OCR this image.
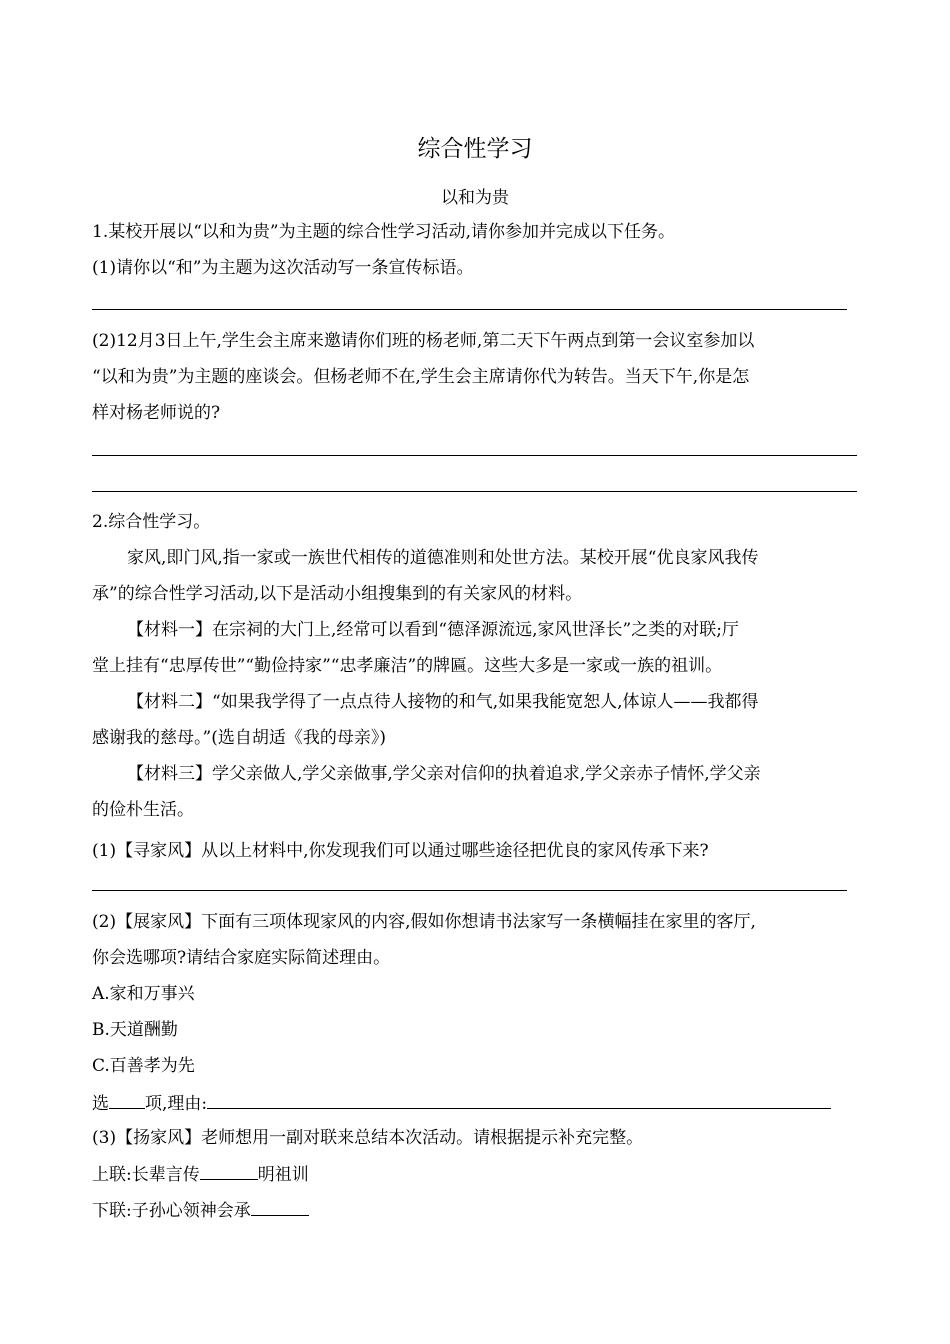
综合性学习
以和为贵
1.某校开展以“以和为贵”为主题的综合性学习活动,请你参加并完成以下任务。
(1)请你以“和”为主题为这次活动写一条宣传标语。
(2)12月3日上午,学生会主席来邀请你们班的杨老师,第二天下午两点到第一会议室参加以
“以和为贵”为主题的座谈会。但杨老师不在,学生会主席请你代为转告。当天下午,你是怎
样对杨老师说的?
2.综合性学习。
家风,即门风,指一家或一族世代相传的道德准则和处世方法。某校开展“优良家风我传
承”的综合性学习活动,以下是活动小组搜集到的有关家风的材料。
【材料一】在宗祠的大门上,经常可以看到“德泽源流远,家风世泽长”之类的对联;厅
堂上挂有“忠厚传世”“勤俭持家”“忠孝廉洁”的牌匾。这些大多是一家或一族的祖训。
【材料二】“如果我学得了一点点待人接物的和气,如果我能宽恕人,体谅人——我都得
感谢我的慈母。”(选自胡适《我的母亲》)
【材料三】学父亲做人,学父亲做事,学父亲对信仰的执着追求,学父亲赤子情怀,学父亲
的俭朴生活。
(1)【寻家风】从以上材料中,你发现我们可以通过哪些途径把优良的家风传承下来?
(2)【展家风】下面有三项体现家风的内容,假如你想请书法家写一条横幅挂在家里的客厅,
你会选哪项?请结合家庭实际简述理由。
A.家和万事兴
B.天道酬勤
C.百善孝为先
选 项,理由:
(3)【扬家风】老师想用一副对联来总结本次活动。请根据提示补充完整。
上联:长辈言传	明祖训
下联:子孙心领神会承
